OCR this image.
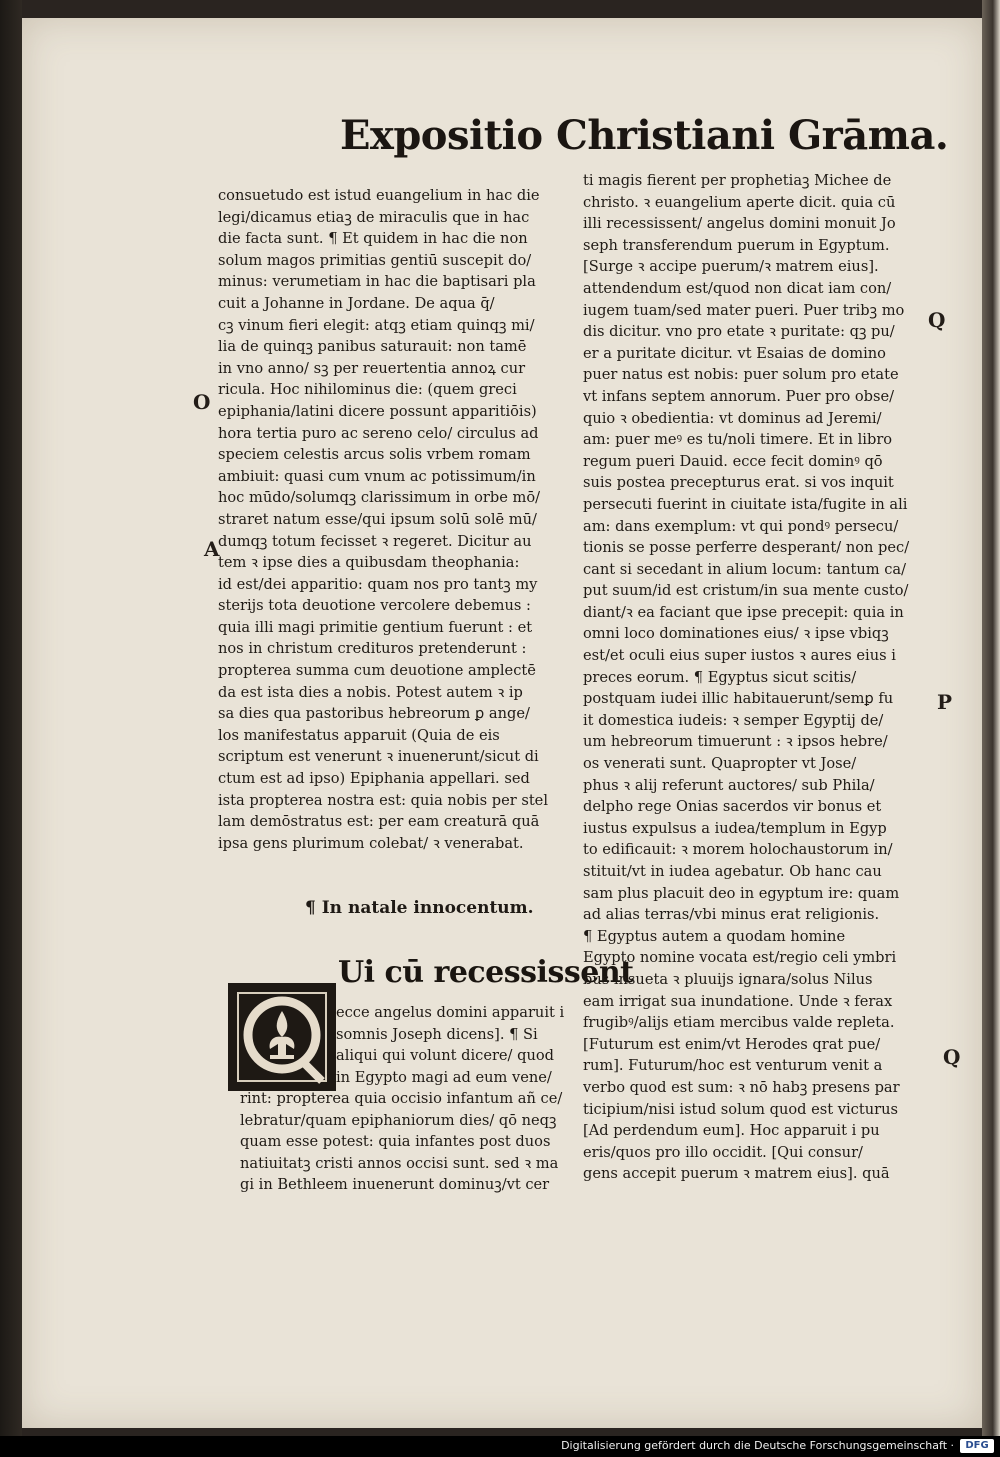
Expositio Christiani Grāma.
consuetudo est istud euangelium in hac die
legi/dicamus etiaꝫ de miraculis que in hac
die facta sunt. ¶ Et quidem in hac die non
solum magos primitias gentiū suscepit do/
minus: verumetiam in hac die baptisari pla
cuit a Johanne in Jordane. De aqua q̄/
cꝫ vinum fieri elegit: atqꝫ etiam quinqꝫ mi/
lia de quinqꝫ panibus saturauit: non tamē
in vno anno/ sꝫ per reuertentia annoꝝ cur
ricula. Hoc nihilominus die: (quem greci
epiphania/latini dicere possunt apparitiōis)
hora tertia puro ac sereno celo/ circulus ad
speciem celestis arcus solis vrbem romam
ambiuit: quasi cum vnum ac potissimum/in
hoc mūdo/solumqꝫ clarissimum in orbe mō/
straret natum esse/qui ipsum solū solē mū/
dumqꝫ totum fecisset ꝛ regeret. Dicitur au
tem ꝛ ipse dies a quibusdam theophania:
id est/dei apparitio: quam nos pro tantꝫ my
sterijs tota deuotione vercolere debemus :
quia illi magi primitie gentium fuerunt : et
nos in christum credituros pretenderunt :
propterea summa cum deuotione amplectē
da est ista dies a nobis. Potest autem ꝛ ip
sa dies qua pastoribus hebreorum ꝑ ange/
los manifestatus apparuit (Quia de eis
scriptum est venerunt ꝛ inuenerunt/sicut di
ctum est ad ipso) Epiphania appellari. sed
ista propterea nostra est: quia nobis per stel
lam demōstratus est: per eam creaturā quā
ipsa gens plurimum colebat/ ꝛ venerabat.
¶ In natale innocentum.
Ui cū recessissent
ecce angelus domini apparuit i
somnis Joseph dicens]. ¶ Si
aliqui qui volunt dicere/ quod
in Egypto magi ad eum vene/
rint: propterea quia occisio infantum añ ce/
lebratur/quam epiphaniorum dies/ qō neqꝫ
quam esse potest: quia infantes post duos
natiuitatꝫ cristi annos occisi sunt. sed ꝛ ma
gi in Bethleem inuenerunt dominuꝫ/vt cer
ti magis fierent per prophetiaꝫ Michee de
christo. ꝛ euangelium aperte dicit. quia cū
illi recessissent/ angelus domini monuit Jo
seph transferendum puerum in Egyptum.
[Surge ꝛ accipe puerum/ꝛ matrem eius].
attendendum est/quod non dicat iam con/
iugem tuam/sed mater pueri. Puer tribꝫ mo
dis dicitur. vno pro etate ꝛ puritate: qꝫ pu/
er a puritate dicitur. vt Esaias de domino
puer natus est nobis: puer solum pro etate
vt infans septem annorum. Puer pro obse/
quio ꝛ obedientia: vt dominus ad Jeremi/
am: puer meꝰ es tu/noli timere. Et in libro
regum pueri Dauid. ecce fecit dominꝰ qō
suis postea precepturus erat. si vos inquit
persecuti fuerint in ciuitate ista/fugite in ali
am: dans exemplum: vt qui pondꝰ persecu/
tionis se posse perferre desperant/ non pec/
cant si secedant in alium locum: tantum ca/
put suum/id est cristum/in sua mente custo/
diant/ꝛ ea faciant que ipse precepit: quia in
omni loco dominationes eius/ ꝛ ipse vbiqꝫ
est/et oculi eius super iustos ꝛ aures eius i
preces eorum. ¶ Egyptus sicut scitis/
postquam iudei illic habitauerunt/semꝑ fu
it domestica iudeis: ꝛ semper Egyptij de/
um hebreorum timuerunt : ꝛ ipsos hebre/
os venerati sunt. Quapropter vt Jose/
phus ꝛ alij referunt auctores/ sub Phila/
delpho rege Onias sacerdos vir bonus et
iustus expulsus a iudea/templum in Egyp
to edificauit: ꝛ morem holochaustorum in/
stituit/vt in iudea agebatur. Ob hanc cau
sam plus placuit deo in egyptum ire: quam
ad alias terras/vbi minus erat religionis.
¶ Egyptus autem a quodam homine
Egypto nomine vocata est/regio celi ymbri
bus insueta ꝛ pluuijs ignara/solus Nilus
eam irrigat sua inundatione. Unde ꝛ ferax
frugibꝰ/alijs etiam mercibus valde repleta.
[Futurum est enim/vt Herodes qrat pue/
rum]. Futurum/hoc est venturum venit a
verbo quod est sum: ꝛ nō habꝫ presens par
ticipium/nisi istud solum quod est victurus
[Ad perdendum eum]. Hoc apparuit i pu
eris/quos pro illo occidit. [Qui consur/
gens accepit puerum ꝛ matrem eius]. quā
O
Q
A
P
Q
Digitalisierung gefördert durch die Deutsche Forschungsgemeinschaft ·	DFG
